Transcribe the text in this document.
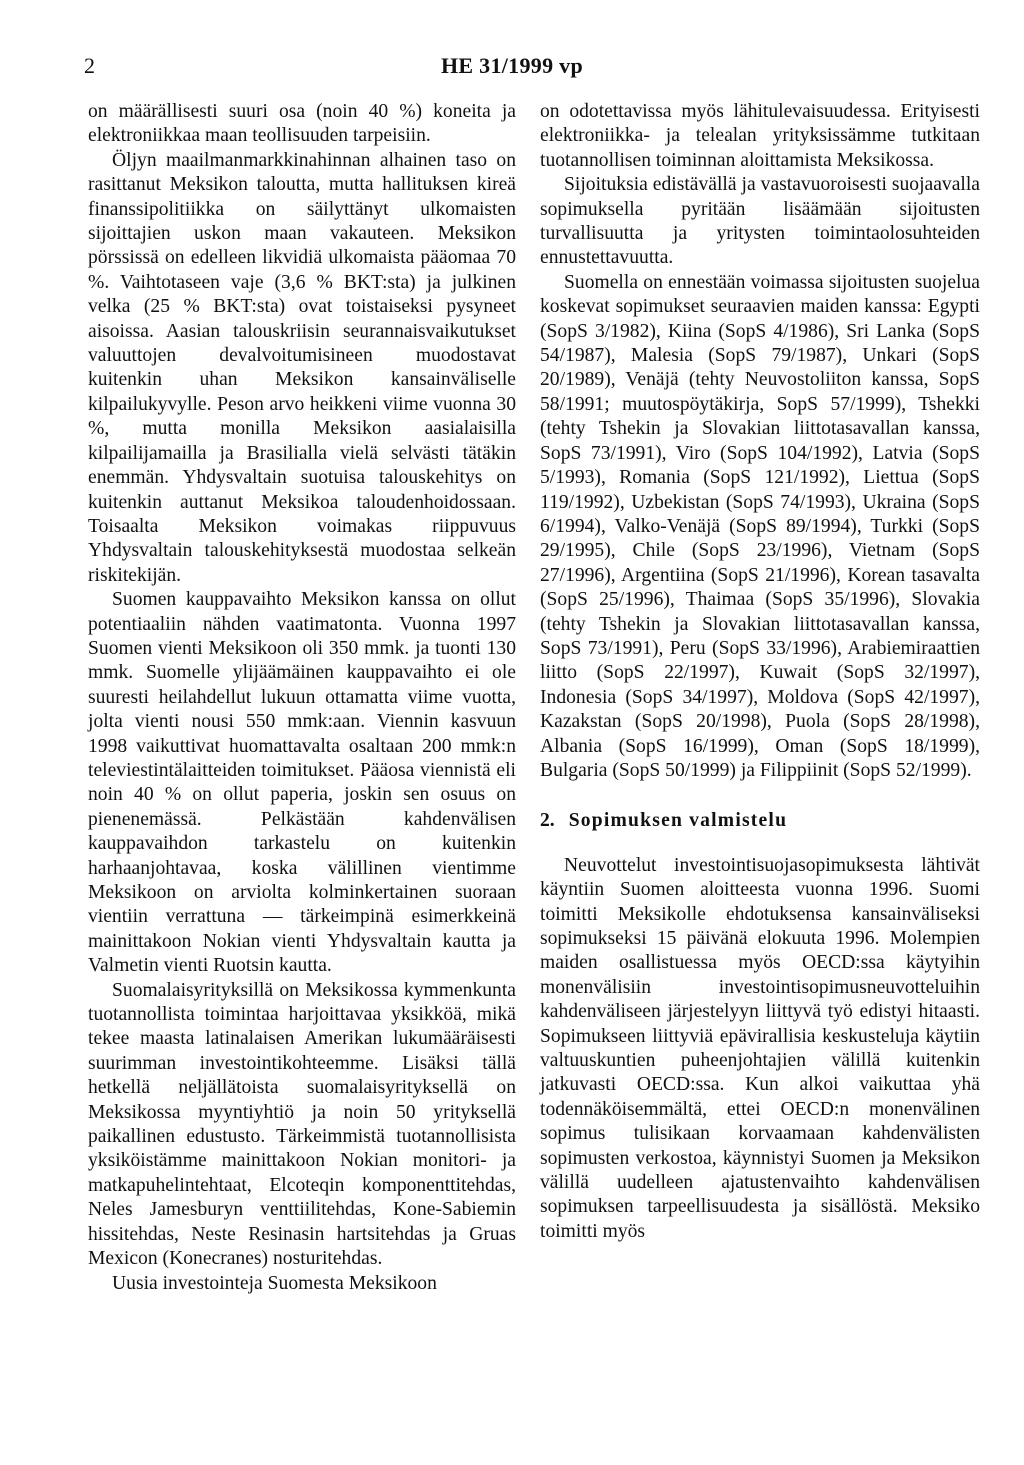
2	HE 31/1999 vp

on määrällisesti suuri osa (noin 40 %) koneita ja elektroniikkaa maan teollisuuden tarpeisiin.

Öljyn maailmanmarkkinahinnan alhainen taso on rasittanut Meksikon taloutta, mutta hallituksen kireä finanssipolitiikka on säilyttänyt ulkomaisten sijoittajien uskon maan vakauteen. Meksikon pörssissä on edelleen likvidiä ulkomaista pääomaa 70 %. Vaihtotaseen vaje (3,6 % BKT:sta) ja julkinen velka (25 % BKT:sta) ovat toistaiseksi pysyneet aisoissa. Aasian talouskriisin seurannaisvaikutukset valuuttojen devalvoitumisineen muodostavat kuitenkin uhan Meksikon kansainväliselle kilpailukyvylle. Peson arvo heikkeni viime vuonna 30 %, mutta monilla Meksikon aasialaisilla kilpailijamailla ja Brasilialla vielä selvästi tätäkin enemmän. Yhdysvaltain suotuisa talouskehitys on kuitenkin auttanut Meksikoa taloudenhoidossaan. Toisaalta Meksikon voimakas riippuvuus Yhdysvaltain talouskehityksestä muodostaa selkeän riskitekijän.

Suomen kauppavaihto Meksikon kanssa on ollut potentiaaliin nähden vaatimatonta. Vuonna 1997 Suomen vienti Meksikoon oli 350 mmk. ja tuonti 130 mmk. Suomelle ylijäämäinen kauppavaihto ei ole suuresti heilahdellut lukuun ottamatta viime vuotta, jolta vienti nousi 550 mmk:aan. Viennin kasvuun 1998 vaikuttivat huomattavalta osaltaan 200 mmk:n televiestintälaitteiden toimitukset. Pääosa viennistä eli noin 40 % on ollut paperia, joskin sen osuus on pienenemässä. Pelkästään kahdenvälisen kauppavaihdon tarkastelu on kuitenkin harhaanjohtavaa, koska välillinen vientimme Meksikoon on arviolta kolminkertainen suoraan vientiin verrattuna — tärkeimpinä esimerkkeinä mainittakoon Nokian vienti Yhdysvaltain kautta ja Valmetin vienti Ruotsin kautta.

Suomalaisyrityksillä on Meksikossa kymmenkunta tuotannollista toimintaa harjoittavaa yksikköä, mikä tekee maasta latinalaisen Amerikan lukumääräisesti suurimman investointikohteemme. Lisäksi tällä hetkellä neljällätoista suomalaisyrityksellä on Meksikossa myyntiyhtiö ja noin 50 yrityksellä paikallinen edustusto. Tärkeimmistä tuotannollisista yksiköistämme mainittakoon Nokian monitori- ja matkapuhelintehtaat, Elcoteqin komponenttitehdas, Neles Jamesburyn venttiilitehdas, Kone-Sabiemin hissitehdas, Neste Resinasin hartsitehdas ja Gruas Mexicon (Konecranes) nosturitehdas.

Uusia investointeja Suomesta Meksikoon

on odotettavissa myös lähitulevaisuudessa. Erityisesti elektroniikka- ja telealan yrityksissämme tutkitaan tuotannollisen toiminnan aloittamista Meksikossa.

Sijoituksia edistävällä ja vastavuoroisesti suojaavalla sopimuksella pyritään lisäämään sijoitusten turvallisuutta ja yritysten toimintaolosuhteiden ennustettavuutta.

Suomella on ennestään voimassa sijoitusten suojelua koskevat sopimukset seuraavien maiden kanssa: Egypti (SopS 3/1982), Kiina (SopS 4/1986), Sri Lanka (SopS 54/1987), Malesia (SopS 79/1987), Unkari (SopS 20/1989), Venäjä (tehty Neuvostoliiton kanssa, SopS 58/1991; muutospöytäkirja, SopS 57/1999), Tshekki (tehty Tshekin ja Slovakian liittotasavallan kanssa, SopS 73/1991), Viro (SopS 104/1992), Latvia (SopS 5/1993), Romania (SopS 121/1992), Liettua (SopS 119/1992), Uzbekistan (SopS 74/1993), Ukraina (SopS 6/1994), Valko-Venäjä (SopS 89/1994), Turkki (SopS 29/1995), Chile (SopS 23/1996), Vietnam (SopS 27/1996), Argentiina (SopS 21/1996), Korean tasavalta (SopS 25/1996), Thaimaa (SopS 35/1996), Slovakia (tehty Tshekin ja Slovakian liittotasavallan kanssa, SopS 73/1991), Peru (SopS 33/1996), Arabiemiraattien liitto (SopS 22/1997), Kuwait (SopS 32/1997), Indonesia (SopS 34/1997), Moldova (SopS 42/1997), Kazakstan (SopS 20/1998), Puola (SopS 28/1998), Albania (SopS 16/1999), Oman (SopS 18/1999), Bulgaria (SopS 50/1999) ja Filippiinit (SopS 52/1999).

2. Sopimuksen valmistelu

Neuvottelut investointisuojasopimuksesta lähtivät käyntiin Suomen aloitteesta vuonna 1996. Suomi toimitti Meksikolle ehdotuksensa kansainväliseksi sopimukseksi 15 päivänä elokuuta 1996. Molempien maiden osallistuessa myös OECD:ssa käytyihin monenvälisiin investointisopimusneuvotteluihin kahdenväliseen järjestelyyn liittyvä työ edistyi hitaasti. Sopimukseen liittyviä epävirallisia keskusteluja käytiin valtuuskuntien puheenjohtajien välillä kuitenkin jatkuvasti OECD:ssa. Kun alkoi vaikuttaa yhä todennäköisemmältä, ettei OECD:n monenvälinen sopimus tulisikaan korvaamaan kahdenvälisten sopimusten verkostoa, käynnistyi Suomen ja Meksikon välillä uudelleen ajatustenvaihto kahdenvälisen sopimuksen tarpeellisuudesta ja sisällöstä. Meksiko toimitti myös
